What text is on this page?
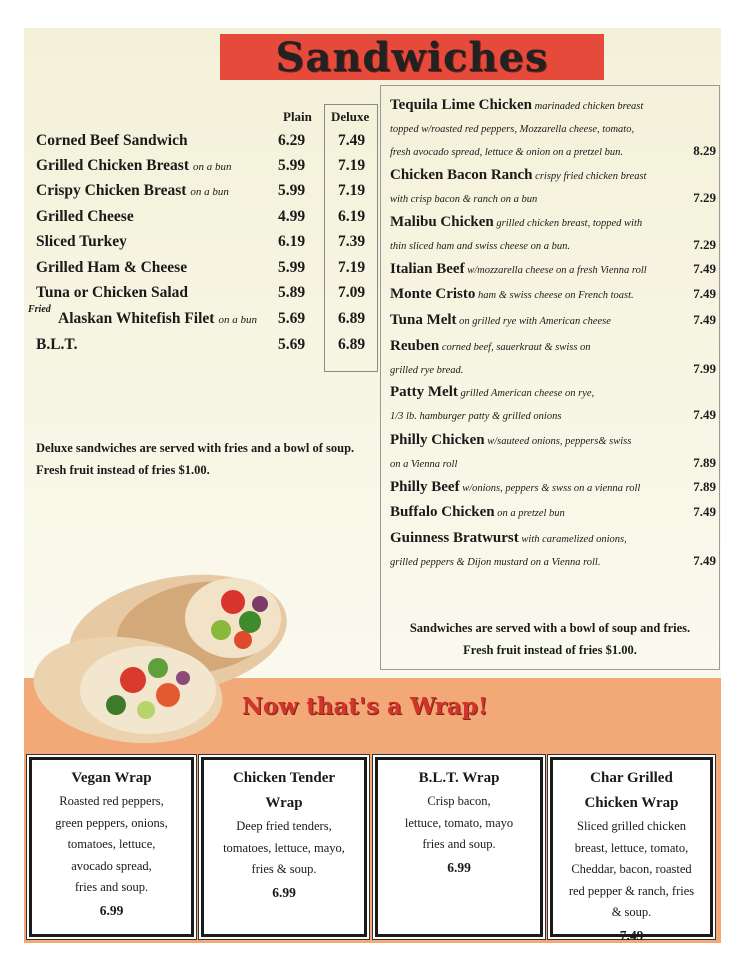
Sandwiches
Plain Deluxe
Corned Beef Sandwich	6.29 7.49
Grilled Chicken Breast on a bun	5.99 7.19
Crispy Chicken Breast on a bun	5.99 7.19
Grilled Cheese	4.99 6.19
Sliced Turkey	6.19 7.39
Grilled Ham & Cheese	5.99 7.19
Tuna or Chicken Salad	5.89 7.09
Fried
Alaskan Whitefish Filet on a bun 5.69 6.89
B.L.T.	5.69 6.89
Deluxe sandwiches are served with fries and a bowl of soup. Fresh fruit instead of fries $1.00.
Tequila Lime Chicken marinaded chicken breast
topped w/roasted red peppers, Mozzarella cheese, tomato,
fresh avocado spread, lettuce & onion on a pretzel bun.	8.29
Chicken Bacon Ranch crispy fried chicken breast
with crisp bacon & ranch on a bun	7.29
Malibu Chicken grilled chicken breast, topped with
thin sliced ham and swiss cheese on a bun.	7.29
Italian Beef w/mozzarella cheese on a fresh Vienna roll	7.49
Monte Cristo ham & swiss cheese on French toast.	7.49
Tuna Melt on grilled rye with American cheese	7.49
Reuben corned beef, sauerkraut & swiss on
grilled rye bread.	7.99
Patty Melt grilled American cheese on rye,
1/3 lb. hamburger patty & grilled onions	7.49
Philly Chicken w/sauteed onions, peppers& swiss
on a Vienna roll	7.89
Philly Beef w/onions, peppers & swss on a vienna roll	7.89
Buffalo Chicken on a pretzel bun	7.49
Guinness Bratwurst with caramelized onions,
grilled peppers & Dijon mustard on a Vienna roll.	7.49
Sandwiches are served with a bowl of soup and fries. Fresh fruit instead of fries $1.00.
Now that's a Wrap!
Vegan Wrap
Roasted red peppers,
green peppers, onions,
tomatoes, lettuce,
avocado spread,
fries and soup.
6.99
Chicken Tender Wrap
Deep fried tenders,
tomatoes, lettuce, mayo,
fries & soup.
6.99
B.L.T. Wrap
Crisp bacon,
lettuce, tomato, mayo
fries and soup.
6.99
Char Grilled Chicken Wrap
Sliced grilled chicken
breast, lettuce, tomato,
Cheddar, bacon, roasted
red pepper & ranch, fries
& soup.
7.49
